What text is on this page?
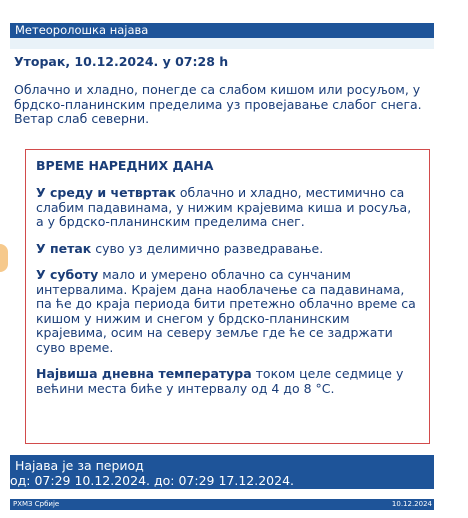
Метеоролошка најава
Уторак, 10.12.2024. у 07:28 h
Облачно и хладно, понегде са слабом кишом или росуљом, у брдско-планинским пределима уз провејавање слабог снега. Ветар слаб северни.
ВРЕМЕ НАРЕДНИХ ДАНА
У среду и четвртак облачно и хладно, местимично са слабим падавинама, у нижим крајевима киша и росуља, а у брдско-планинским пределима снег.
У петак суво уз делимично разведравање.
У суботу мало и умерено облачно са сунчаним интервалима. Крајем дана наоблачење са падавинама, па ће до краја периода бити претежно облачно време са кишом у нижим и снегом у брдско-планинским крајевима, осим на северу земље где ће се задржати суво време.
Највиша дневна температура током целе седмице у већини места биће у интервалу од 4 до 8 °C.
Најава је за период
од: 07:29 10.12.2024. до: 07:29 17.12.2024.
РХМЗ Србије	10.12.2024
